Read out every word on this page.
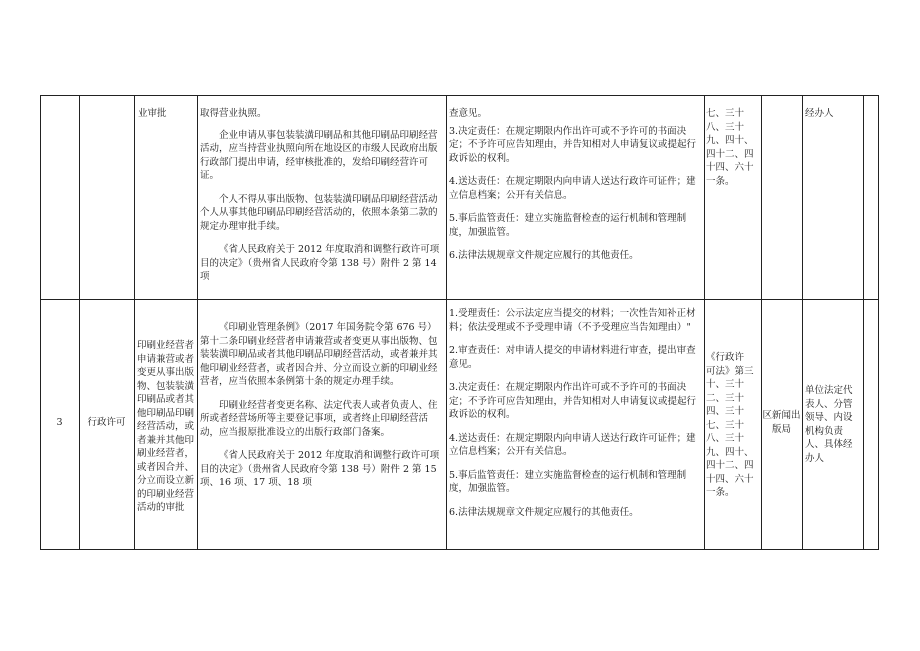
业审批	取得营业执照。

企业申请从事包装装潢印刷品和其他印刷品印刷经营活动，应当持营业执照向所在地设区的市级人民政府出版行政部门提出申请，经审核批准的，发给印刷经营许可证。

个人不得从事出版物、包装装潢印刷品印刷经营活动个人从事其他印刷品印刷经营活动的，依照本条第二款的规定办理审批手续。

《省人民政府关于 2012 年度取消和调整行政许可项目的决定》（贵州省人民政府令第 138 号）附件 2 第 14 项

查意见。

3.决定责任：在规定期限内作出许可或不予许可的书面决定；不予许可应告知理由，并告知相对人申请复议或提起行政诉讼的权利。

4.送达责任：在规定期限内向申请人送达行政许可证件；建立信息档案；公开有关信息。

5.事后监管责任：建立实施监督检查的运行机制和管理制度，加强监管。

6.法律法规规章文件规定应履行的其他责任。

七、三十
八、三十
九、四十、
四十二、四
十四、六十
一条。
经办人
3	行政许可
印刷业经营者
申请兼营或者
变更从事出版
物、包装装潢
印刷品或者其
他印刷品印刷
经营活动，或
者兼并其他印
刷业经营者，
或者因合并、
分立而设立新
的印刷业经营
活动的审批

《印刷业管理条例》（2017 年国务院令第 676 号）第十二条印刷业经营者申请兼营或者变更从事出版物、包装装潢印刷品或者其他印刷品印刷经营活动，或者兼并其他印刷业经营者，或者因合并、分立而设立新的印刷业经营者，应当依照本条例第十条的规定办理手续。

印刷业经营者变更名称、法定代表人或者负责人、住所或者经营场所等主要登记事项，或者终止印刷经营活动，应当报原批准设立的出版行政部门备案。

《省人民政府关于 2012 年度取消和调整行政许可项目的决定》（贵州省人民政府令第 138 号）附件 2 第 15 项、16 项、17 项、18 项

1.受理责任：公示法定应当提交的材料；一次性告知补正材料；依法受理或不予受理申请（不予受理应当告知理由）"

2.审查责任：对申请人提交的申请材料进行审查，提出审查意见。

3.决定责任：在规定期限内作出许可或不予许可的书面决定；不予许可应告知理由，并告知相对人申请复议或提起行政诉讼的权利。

4.送达责任：在规定期限内向申请人送达行政许可证件；建立信息档案；公开有关信息。

5.事后监管责任：建立实施监督检查的运行机制和管理制度，加强监管。

6.法律法规规章文件规定应履行的其他责任。

《行政许
可法》第三
十、三十
二、三十
四、三十
七、三十
八、三十
九、四十、
四十二、四
十四、六十
一条。
区新闻出
版局
单位法定代
表人、分管
领导、内设
机构负责
人、具体经
办人
